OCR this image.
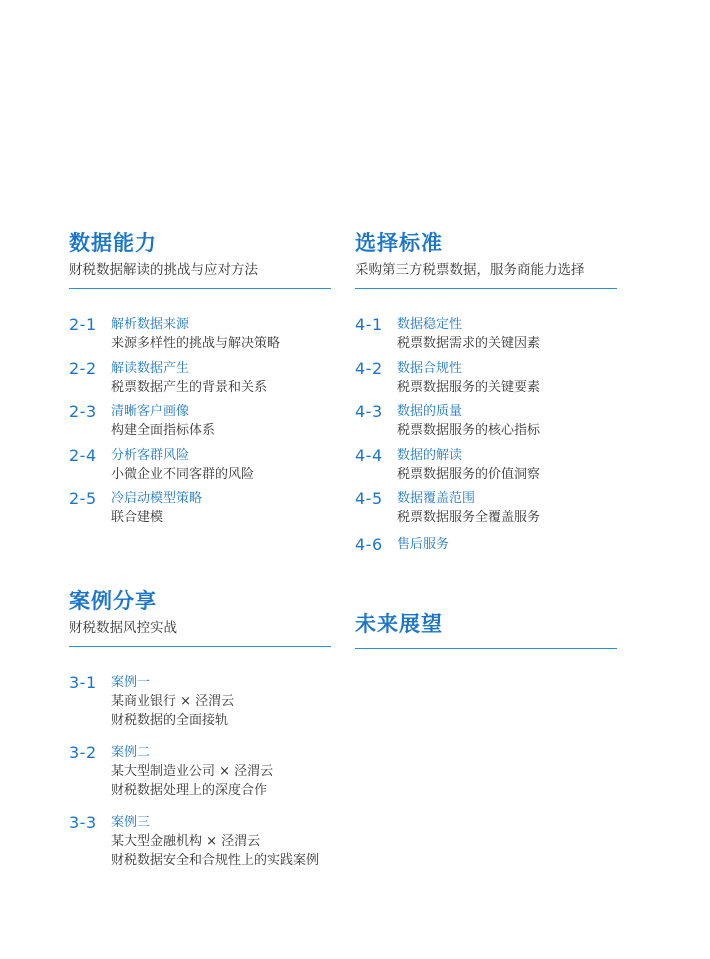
数据能力
财税数据解读的挑战与应对方法
2-1	解析数据来源
来源多样性的挑战与解决策略
2-2	解读数据产生
税票数据产生的背景和关系
2-3	清晰客户画像
构建全面指标体系
2-4	分析客群风险
小微企业不同客群的风险
2-5	冷启动模型策略
联合建模
选择标准
采购第三方税票数据，服务商能力选择
4-1	数据稳定性
税票数据需求的关键因素
4-2	数据合规性
税票数据服务的关键要素
4-3	数据的质量
税票数据服务的核心指标
4-4	数据的解读
税票数据服务的价值洞察
4-5	数据覆盖范围
税票数据服务全覆盖服务
4-6	售后服务
案例分享
财税数据风控实战
3-1	案例一
某商业银行 × 泾渭云
财税数据的全面接轨
3-2	案例二
某大型制造业公司 × 泾渭云
财税数据处理上的深度合作
3-3	案例三
某大型金融机构 × 泾渭云
财税数据安全和合规性上的实践案例
未来展望
